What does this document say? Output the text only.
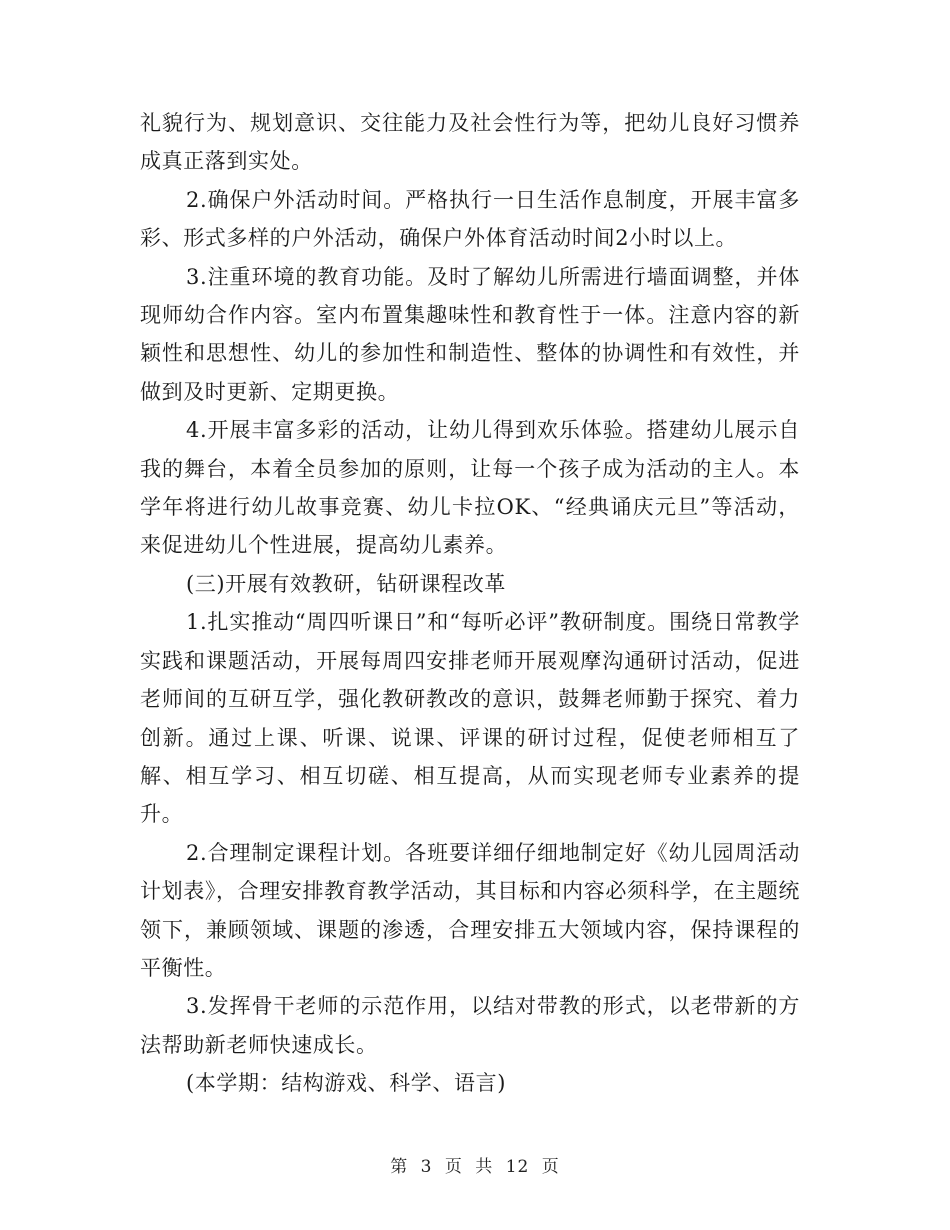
礼貌行为、规划意识、交往能力及社会性行为等，把幼儿良好习惯养成真正落到实处。

2.确保户外活动时间。严格执行一日生活作息制度，开展丰富多彩、形式多样的户外活动，确保户外体育活动时间2小时以上。

3.注重环境的教育功能。及时了解幼儿所需进行墙面调整，并体现师幼合作内容。室内布置集趣味性和教育性于一体。注意内容的新颖性和思想性、幼儿的参加性和制造性、整体的协调性和有效性，并做到及时更新、定期更换。

4.开展丰富多彩的活动，让幼儿得到欢乐体验。搭建幼儿展示自我的舞台，本着全员参加的原则，让每一个孩子成为活动的主人。本学年将进行幼儿故事竞赛、幼儿卡拉OK、“经典诵庆元旦”等活动，来促进幼儿个性进展，提高幼儿素养。

(三)开展有效教研，钻研课程改革

1.扎实推动“周四听课日”和“每听必评”教研制度。围绕日常教学实践和课题活动，开展每周四安排老师开展观摩沟通研讨活动，促进老师间的互研互学，强化教研教改的意识，鼓舞老师勤于探究、着力创新。通过上课、听课、说课、评课的研讨过程，促使老师相互了解、相互学习、相互切磋、相互提高，从而实现老师专业素养的提升。

2.合理制定课程计划。各班要详细仔细地制定好《幼儿园周活动计划表》，合理安排教育教学活动，其目标和内容必须科学，在主题统领下，兼顾领域、课题的渗透，合理安排五大领域内容，保持课程的平衡性。

3.发挥骨干老师的示范作用，以结对带教的形式，以老带新的方法帮助新老师快速成长。

(本学期：结构游戏、科学、语言)

第 3 页 共 12 页
